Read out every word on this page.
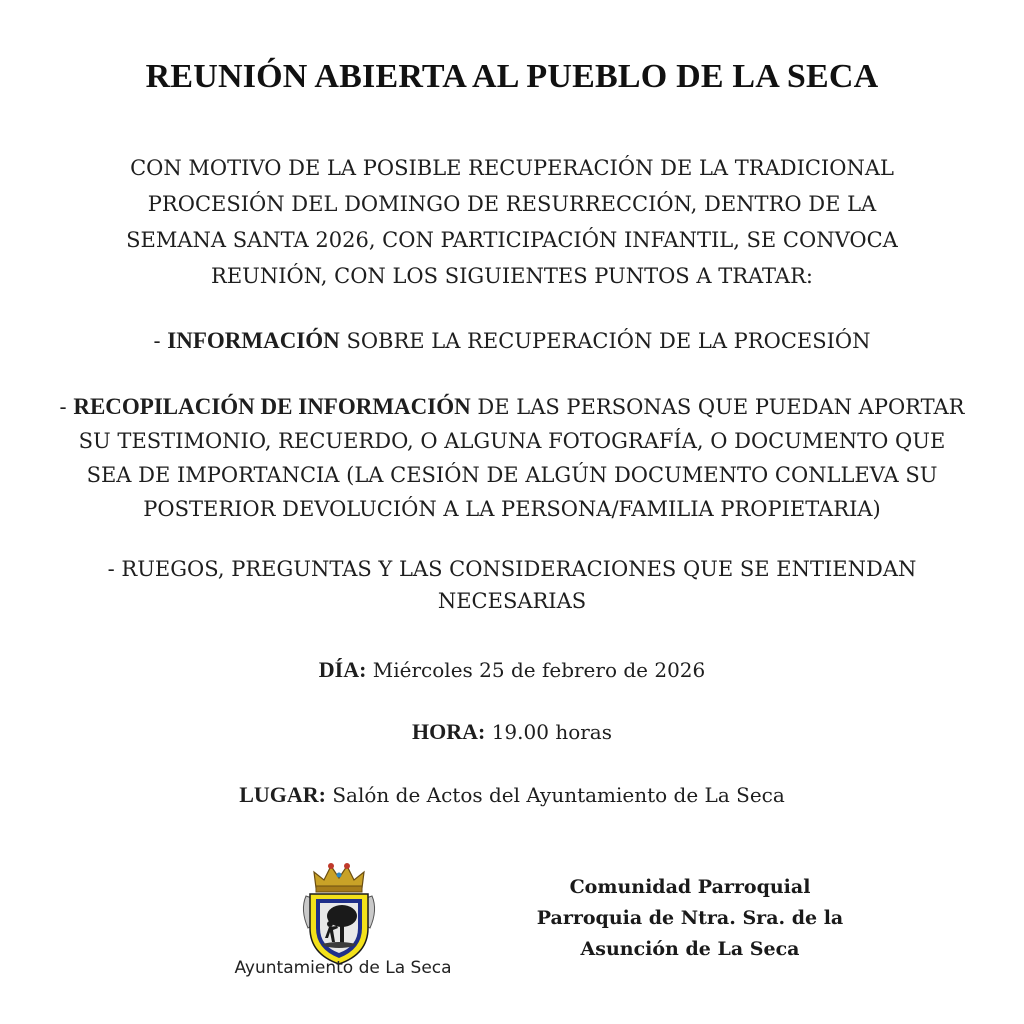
REUNIÓN ABIERTA AL PUEBLO DE LA SECA
CON MOTIVO DE LA POSIBLE RECUPERACIÓN DE LA TRADICIONAL
PROCESIÓN DEL DOMINGO DE RESURRECCIÓN, DENTRO DE LA
SEMANA SANTA 2026, CON PARTICIPACIÓN INFANTIL, SE CONVOCA
REUNIÓN, CON LOS SIGUIENTES PUNTOS A TRATAR:
- INFORMACIÓN SOBRE LA RECUPERACIÓN DE LA PROCESIÓN
- RECOPILACIÓN DE INFORMACIÓN DE LAS PERSONAS QUE PUEDAN APORTAR
SU TESTIMONIO, RECUERDO, O ALGUNA FOTOGRAFÍA, O DOCUMENTO QUE
SEA DE IMPORTANCIA (LA CESIÓN DE ALGÚN DOCUMENTO CONLLEVA SU
POSTERIOR DEVOLUCIÓN A LA PERSONA/FAMILIA PROPIETARIA)
- RUEGOS, PREGUNTAS Y LAS CONSIDERACIONES QUE SE ENTIENDAN
NECESARIAS
DÍA: Miércoles 25 de febrero de 2026
HORA: 19.00 horas
LUGAR: Salón de Actos del Ayuntamiento de La Seca
Ayuntamiento de La Seca
Comunidad Parroquial
Parroquia de Ntra. Sra. de la
Asunción de La Seca
